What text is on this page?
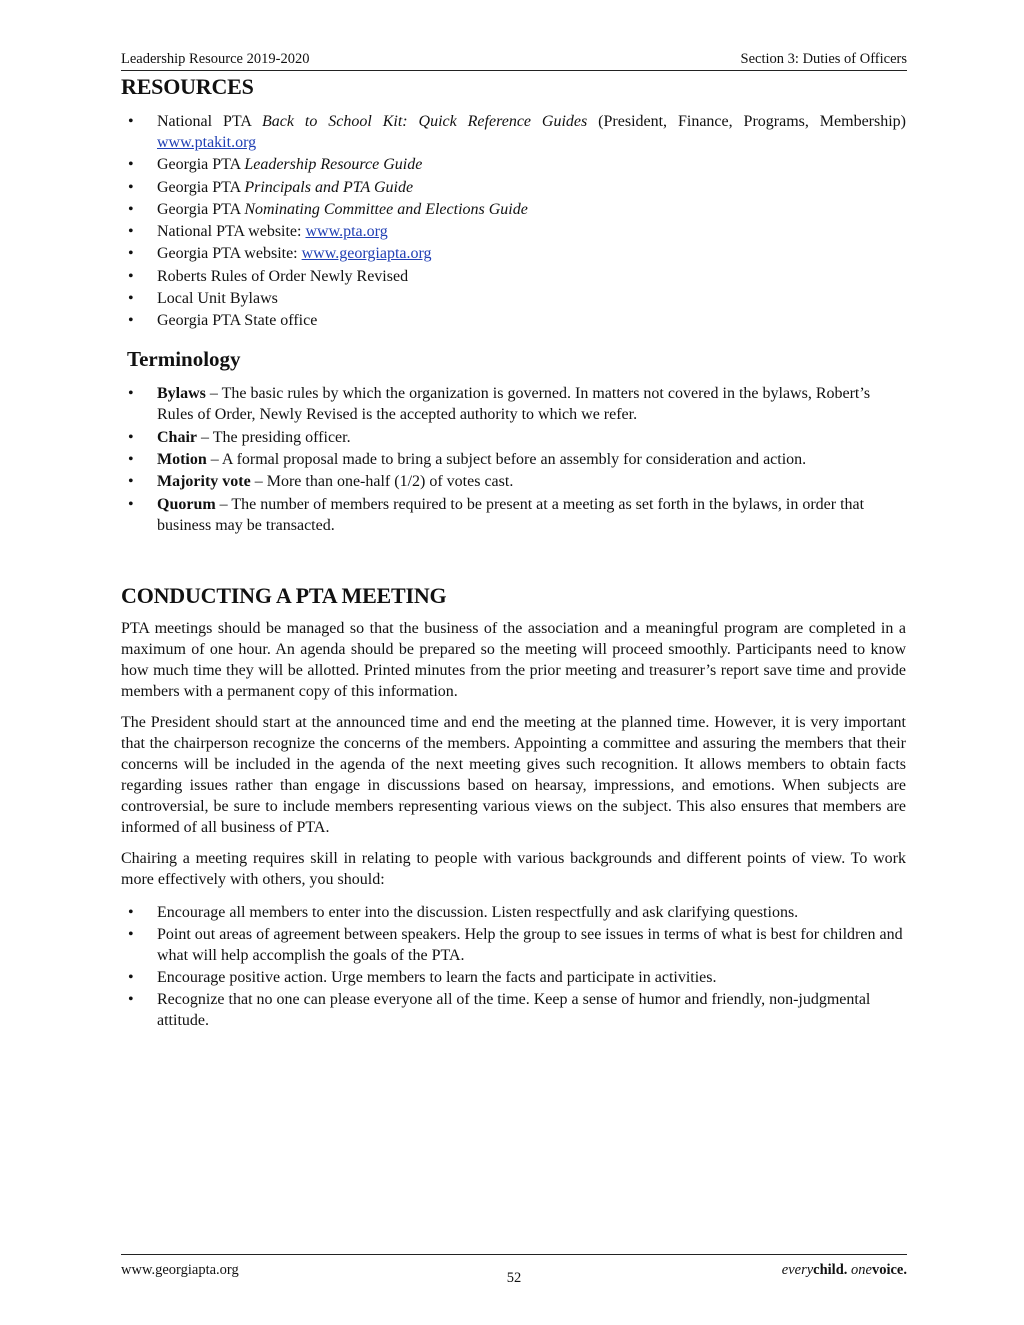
Leadership Resource 2019-2020	Section 3: Duties of Officers
RESOURCES
• National PTA Back to School Kit: Quick Reference Guides (President, Finance, Programs, Membership) www.ptakit.org
• Georgia PTA Leadership Resource Guide
• Georgia PTA Principals and PTA Guide
• Georgia PTA Nominating Committee and Elections Guide
• National PTA website: www.pta.org
• Georgia PTA website: www.georgiapta.org
• Roberts Rules of Order Newly Revised
• Local Unit Bylaws
• Georgia PTA State office
Terminology
• Bylaws – The basic rules by which the organization is governed. In matters not covered in the bylaws, Robert’s Rules of Order, Newly Revised is the accepted authority to which we refer.
• Chair – The presiding officer.
• Motion – A formal proposal made to bring a subject before an assembly for consideration and action.
• Majority vote – More than one-half (1/2) of votes cast.
• Quorum – The number of members required to be present at a meeting as set forth in the bylaws, in order that business may be transacted.
CONDUCTING A PTA MEETING

PTA meetings should be managed so that the business of the association and a meaningful program are completed in a maximum of one hour. An agenda should be prepared so the meeting will proceed smoothly. Participants need to know how much time they will be allotted. Printed minutes from the prior meeting and treasurer’s report save time and provide members with a permanent copy of this information.

The President should start at the announced time and end the meeting at the planned time. However, it is very important that the chairperson recognize the concerns of the members. Appointing a committee and assuring the members that their concerns will be included in the agenda of the next meeting gives such recognition. It allows members to obtain facts regarding issues rather than engage in discussions based on hearsay, impressions, and emotions. When subjects are controversial, be sure to include members representing various views on the subject. This also ensures that members are informed of all business of PTA.

Chairing a meeting requires skill in relating to people with various backgrounds and different points of view. To work more effectively with others, you should:

• Encourage all members to enter into the discussion. Listen respectfully and ask clarifying questions.
• Point out areas of agreement between speakers. Help the group to see issues in terms of what is best for children and what will help accomplish the goals of the PTA.
• Encourage positive action. Urge members to learn the facts and participate in activities.
• Recognize that no one can please everyone all of the time. Keep a sense of humor and friendly, non-judgmental attitude.
www.georgiapta.org	52	everychild. onevoice.
